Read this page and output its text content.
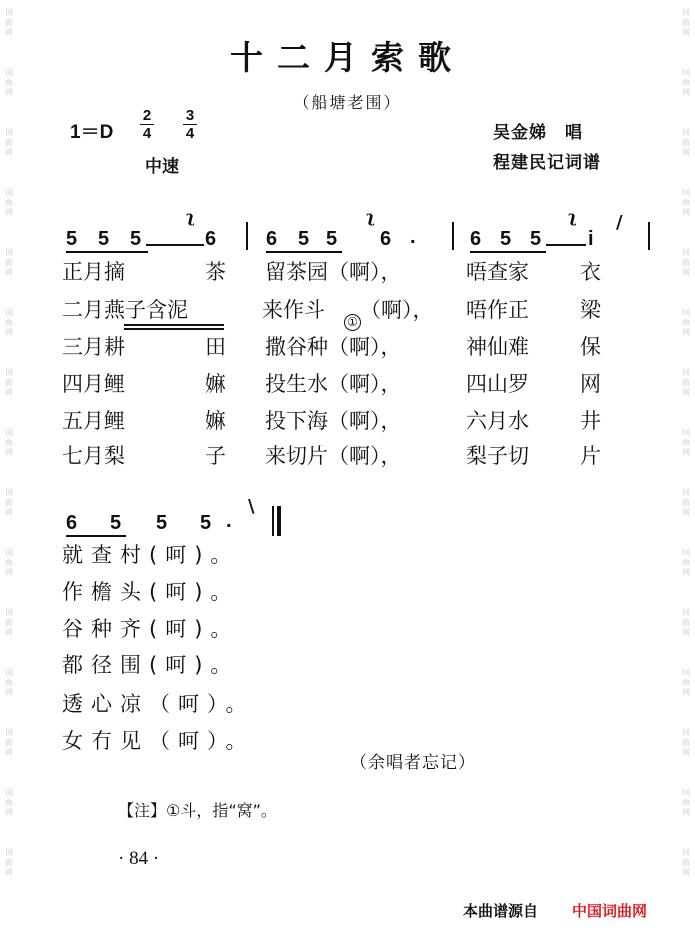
词
曲
网
词
曲
网
词
曲
网
词
曲
网
词
曲
网
词
曲
网
词
曲
网
词
曲
网
词
曲
网
词
曲
网
词
曲
网
词
曲
网
词
曲
网
词
曲
网
词
曲
网
词
曲
网
词
曲
网
词
曲
网
词
曲
网
词
曲
网
词
曲
网
词
曲
网
词
曲
网
词
曲
网
词
曲
网
词
曲
网
词
曲
网
词
曲
网
词
曲
网
词
曲
网
十二月索歌
（船塘老围）
1＝D
2
4
3
4
中速
吴金娣　唱
程建民记词谱
5 5 5
ʅ
6 6 5 5
ʅ
6 .	6 5 5
ʅ
i
/
正月摘	茶 留茶园（啊），	唔查家 衣
二月燕子含泥	来作斗 ① （啊）， 唔作正 梁
三月耕	田 撒谷种（啊），	神仙难 保
四月鲤	嫲 投生水（啊），	四山罗 网
五月鲤	嫲 投下海（啊），	六月水 井
七月梨	子 来切片（啊），	梨子切 片
6 5 5 5 .
\
就查村(呵)。
作檐头(呵)。
谷种齐(呵)。
都径围(呵)。
透心凉（呵）。
女冇见（呵）。
（余唱者忘记）
【注】①斗，指“窝”。
· 84 ·
本曲谱源自 中国词曲网
